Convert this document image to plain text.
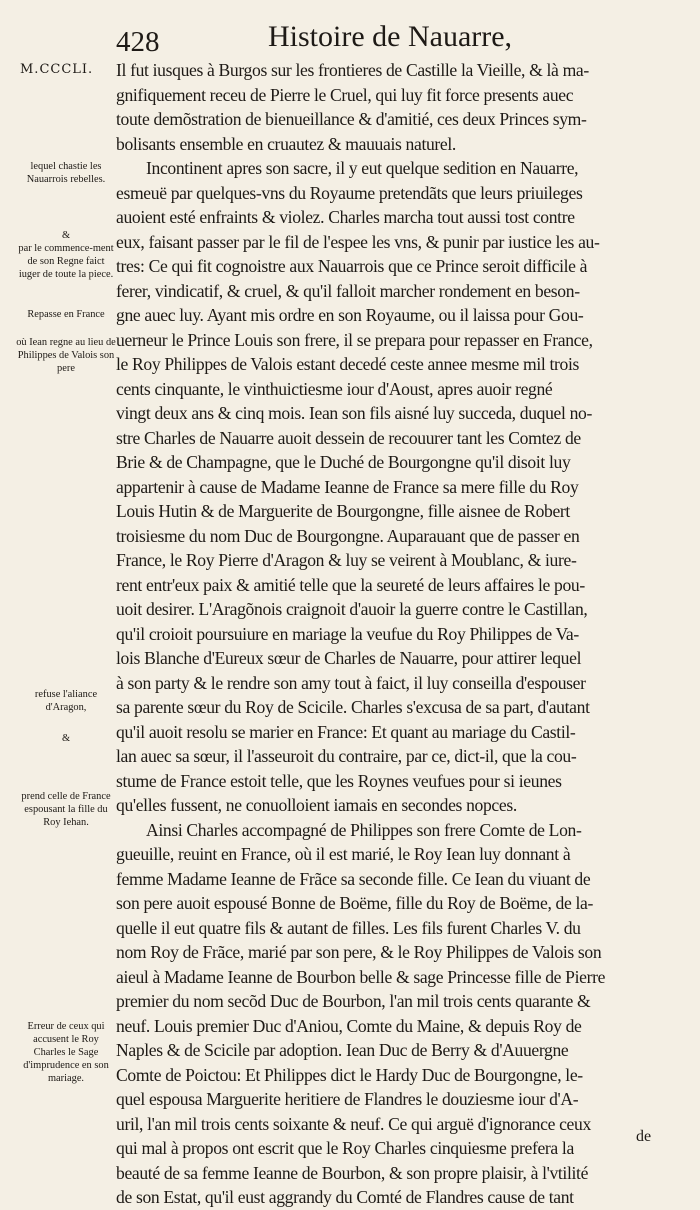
M.CCCLI.
428	Histoire de Nauarre,
lequel chastie les Nauarrois rebelles.
&
par le commence-ment de son Regne faict iuger de toute la piece.
Repasse en France
où Iean regne au lieu de Philippes de Valois son pere
refuse l'aliance d'Aragon,
&
prend celle de France espousant la fille du Roy Iehan.
Erreur de ceux qui accusent le Roy Charles le Sage d'imprudence en son mariage.
Il fut iusques à Burgos sur les frontieres de Castille la Vieille, & là ma-
gnifiquement receu de Pierre le Cruel, qui luy fit force presents auec
toute demõstration de bienueillance & d'amitié, ces deux Princes sym-
bolisants ensemble en cruautez & mauuais naturel.
Incontinent apres son sacre, il y eut quelque sedition en Nauarre,
esmeuë par quelques-vns du Royaume pretendãts que leurs priuileges
auoient esté enfraints & violez. Charles marcha tout aussi tost contre
eux, faisant passer par le fil de l'espee les vns, & punir par iustice les au-
tres: Ce qui fit cognoistre aux Nauarrois que ce Prince seroit difficile à
ferer, vindicatif, & cruel, & qu'il falloit marcher rondement en beson-
gne auec luy. Ayant mis ordre en son Royaume, ou il laissa pour Gou-
uerneur le Prince Louis son frere, il se prepara pour repasser en France,
le Roy Philippes de Valois estant decedé ceste annee mesme mil trois
cents cinquante, le vinthuictiesme iour d'Aoust, apres auoir regné
vingt deux ans & cinq mois. Iean son fils aisné luy succeda, duquel no-
stre Charles de Nauarre auoit dessein de recouurer tant les Comtez de
Brie & de Champagne, que le Duché de Bourgongne qu'il disoit luy
appartenir à cause de Madame Ieanne de France sa mere fille du Roy
Louis Hutin & de Marguerite de Bourgongne, fille aisnee de Robert
troisiesme du nom Duc de Bourgongne. Auparauant que de passer en
France, le Roy Pierre d'Aragon & luy se veirent à Moublanc, & iure-
rent entr'eux paix & amitié telle que la seureté de leurs affaires le pou-
uoit desirer. L'Aragõnois craignoit d'auoir la guerre contre le Castillan,
qu'il croioit poursuiure en mariage la veufue du Roy Philippes de Va-
lois Blanche d'Eureux sœur de Charles de Nauarre, pour attirer lequel
à son party & le rendre son amy tout à faict, il luy conseilla d'espouser
sa parente sœur du Roy de Scicile. Charles s'excusa de sa part, d'autant
qu'il auoit resolu se marier en France: Et quant au mariage du Castil-
lan auec sa sœur, il l'asseuroit du contraire, par ce, dict-il, que la cou-
stume de France estoit telle, que les Roynes veufues pour si ieunes
qu'elles fussent, ne conuolloient iamais en secondes nopces.
Ainsi Charles accompagné de Philippes son frere Comte de Lon-
gueuille, reuint en France, où il est marié, le Roy Iean luy donnant à
femme Madame Ieanne de Frãce sa seconde fille. Ce Iean du viuant de
son pere auoit espousé Bonne de Boëme, fille du Roy de Boëme, de la-
quelle il eut quatre fils & autant de filles. Les fils furent Charles V. du
nom Roy de Frãce, marié par son pere, & le Roy Philippes de Valois son
aieul à Madame Ieanne de Bourbon belle & sage Princesse fille de Pierre
premier du nom secõd Duc de Bourbon, l'an mil trois cents quarante &
neuf. Louis premier Duc d'Aniou, Comte du Maine, & depuis Roy de
Naples & de Scicile par adoption. Iean Duc de Berry & d'Auuergne
Comte de Poictou: Et Philippes dict le Hardy Duc de Bourgongne, le-
quel espousa Marguerite heritiere de Flandres le douziesme iour d'A-
uril, l'an mil trois cents soixante & neuf. Ce qui arguë d'ignorance ceux
qui mal à propos ont escrit que le Roy Charles cinquiesme prefera la
beauté de sa femme Ieanne de Bourbon, & son propre plaisir, à l'vtilité
de son Estat, qu'il eust aggrandy du Comté de Flandres cause de tant
de
